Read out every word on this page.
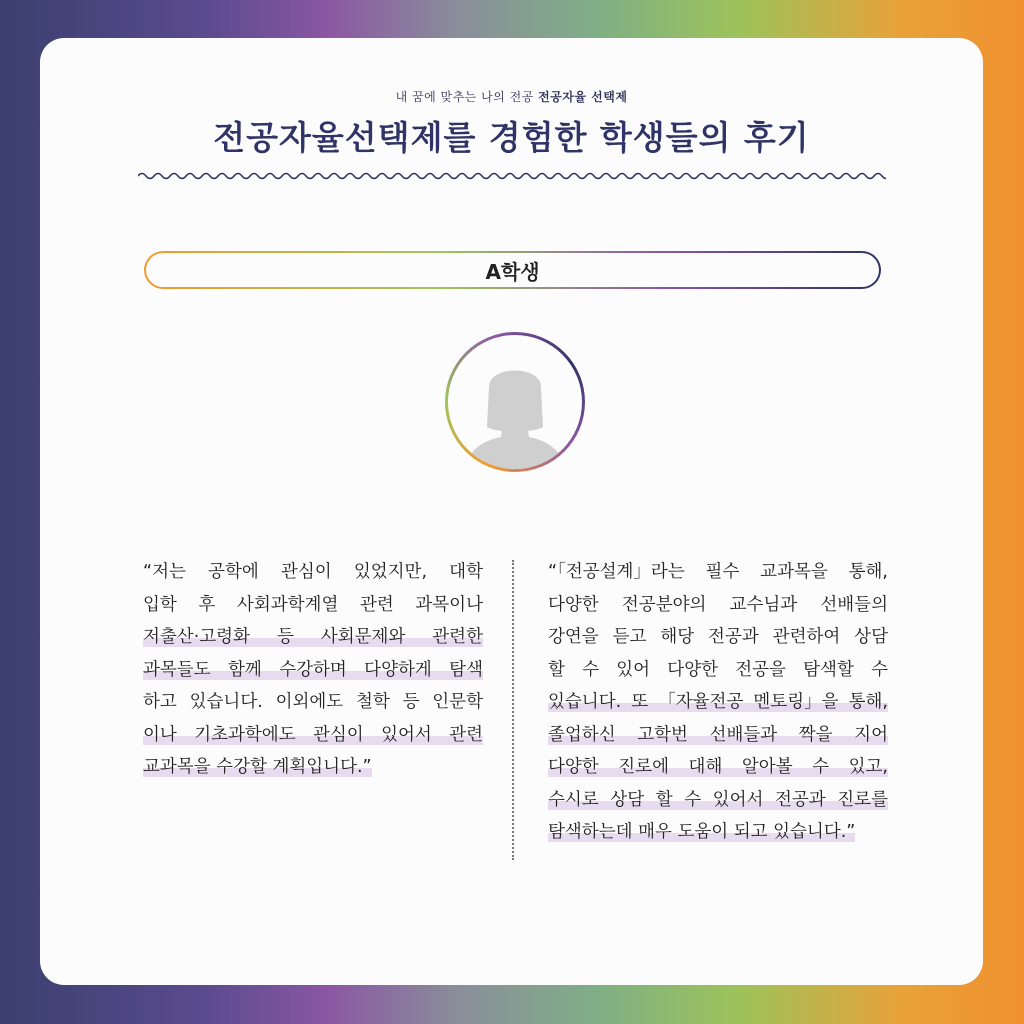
내 꿈에 맞추는 나의 전공 전공자율 선택제
전공자율선택제를 경험한 학생들의 후기
A학생
“저는 공학에 관심이 있었지만, 대학
입학 후 사회과학계열 관련 과목이나
저출산·고령화 등 사회문제와 관련한
과목들도 함께 수강하며 다양하게 탐색
하고 있습니다. 이외에도 철학 등 인문학
이나 기초과학에도 관심이 있어서 관련
교과목을 수강할 계획입니다.”
“「전공설계」라는 필수 교과목을 통해,
다양한 전공분야의 교수님과 선배들의
강연을 듣고 해당 전공과 관련하여 상담
할 수 있어 다양한 전공을 탐색할 수
있습니다. 또 「자율전공 멘토링」을 통해,
졸업하신 고학번 선배들과 짝을 지어
다양한 진로에 대해 알아볼 수 있고,
수시로 상담 할 수 있어서 전공과 진로를
탐색하는데 매우 도움이 되고 있습니다.”
